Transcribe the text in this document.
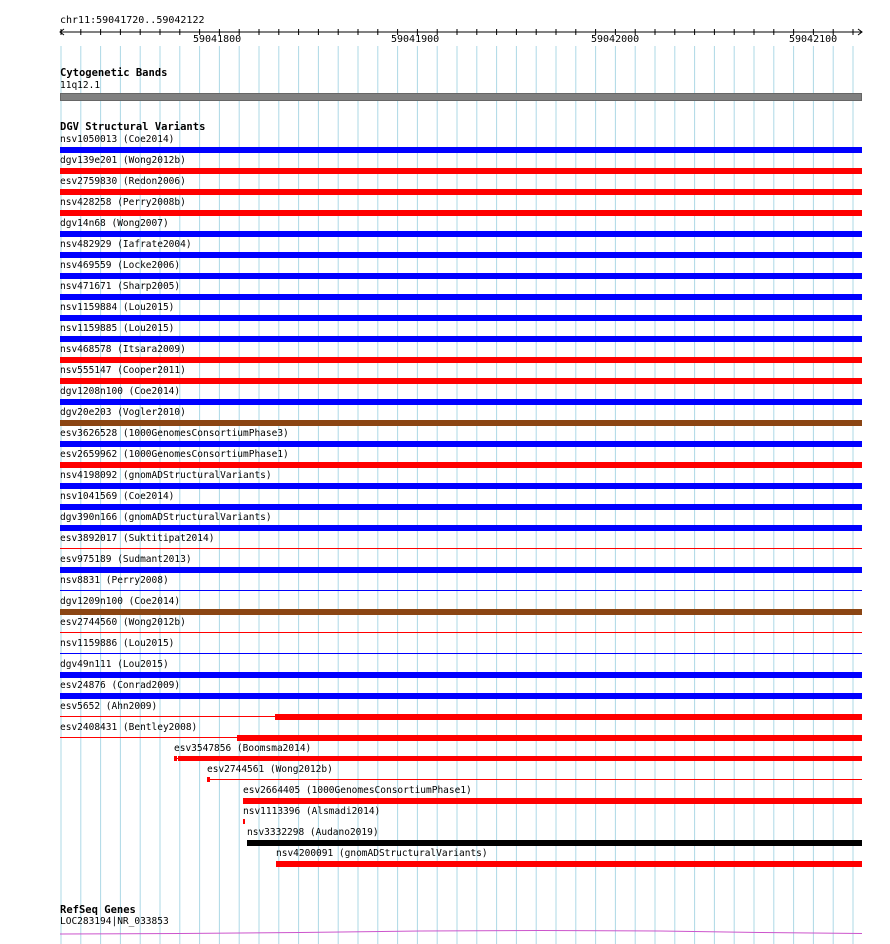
chr11:59041720..59042122
59041800	59041900	59042000	59042100
Cytogenetic Bands
11q12.1
DGV Structural Variants
nsv1050013 (Coe2014)
dgv139e201 (Wong2012b)
esv2759830 (Redon2006)
nsv428258 (Perry2008b)
dgv14n68 (Wong2007)
nsv482929 (Iafrate2004)
nsv469559 (Locke2006)
nsv471671 (Sharp2005)
nsv1159884 (Lou2015)
nsv1159885 (Lou2015)
nsv468578 (Itsara2009)
nsv555147 (Cooper2011)
dgv1208n100 (Coe2014)
dgv20e203 (Vogler2010)
esv3626528 (1000GenomesConsortiumPhase3)
esv2659962 (1000GenomesConsortiumPhase1)
nsv4198092 (gnomADStructuralVariants)
nsv1041569 (Coe2014)
dgv390n166 (gnomADStructuralVariants)
esv3892017 (Suktitipat2014)
esv975189 (Sudmant2013)
nsv8831 (Perry2008)
dgv1209n100 (Coe2014)
esv2744560 (Wong2012b)
nsv1159886 (Lou2015)
dgv49n111 (Lou2015)
esv24876 (Conrad2009)
esv5652 (Ahn2009)
esv2408431 (Bentley2008)
esv3547856 (Boomsma2014)
esv2744561 (Wong2012b)
esv2664405 (1000GenomesConsortiumPhase1)
nsv1113396 (Alsmadi2014)
nsv3332298 (Audano2019)
nsv4200091 (gnomADStructuralVariants)
RefSeq Genes
LOC283194|NR_033853
